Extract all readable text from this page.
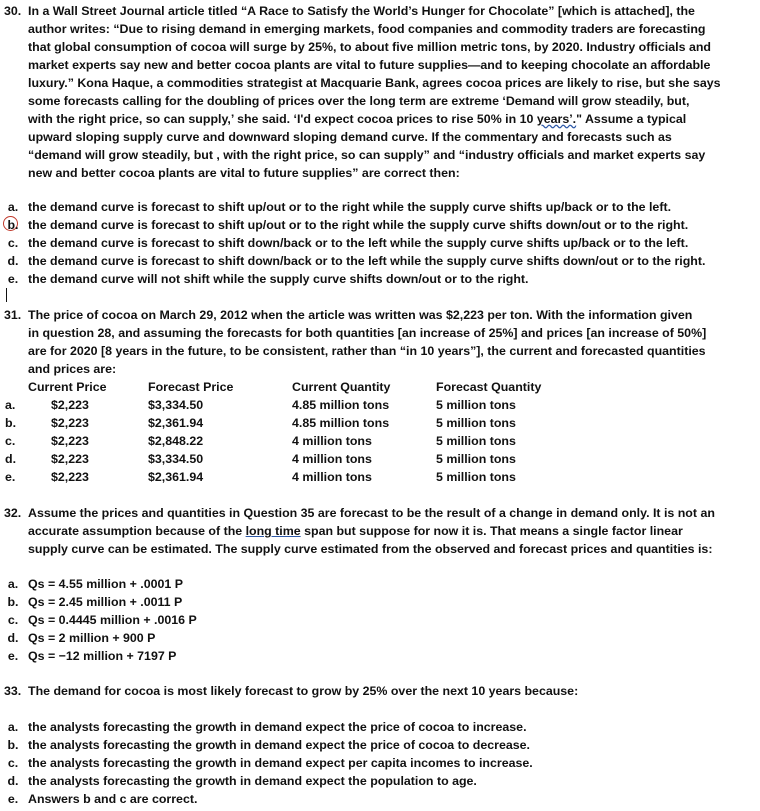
30. In a Wall Street Journal article titled “A Race to Satisfy the World’s Hunger for Chocolate” [which is attached], the
author writes: “Due to rising demand in emerging markets, food companies and commodity traders are forecasting
that global consumption of cocoa will surge by 25%, to about five million metric tons, by 2020. Industry officials and
market experts say new and better cocoa plants are vital to future supplies—and to keeping chocolate an affordable
luxury.” Kona Haque, a commodities strategist at Macquarie Bank, agrees cocoa prices are likely to rise, but she says
some forecasts calling for the doubling of prices over the long term are extreme ‘Demand will grow steadily, but,
with the right price, so can supply,’ she said. ‘I'd expect cocoa prices to rise 50% in 10 years’." Assume a typical
upward sloping supply curve and downward sloping demand curve. If the commentary and forecasts such as
“demand will grow steadily, but , with the right price, so can supply” and “industry officials and market experts say
new and better cocoa plants are vital to future supplies” are correct then:
a. the demand curve is forecast to shift up/out or to the right while the supply curve shifts up/back or to the left.
b. the demand curve is forecast to shift up/out or to the right while the supply curve shifts down/out or to the right.
c. the demand curve is forecast to shift down/back or to the left while the supply curve shifts up/back or to the left.
d. the demand curve is forecast to shift down/back or to the left while the supply curve shifts down/out or to the right.
e. the demand curve will not shift while the supply curve shifts down/out or to the right.
31. The price of cocoa on March 29, 2012 when the article was written was $2,223 per ton. With the information given
in question 28, and assuming the forecasts for both quantities [an increase of 25%] and prices [an increase of 50%]
are for 2020 [8 years in the future, to be consistent, rather than “in 10 years”], the current and forecasted quantities
and prices are:
Current Price	Forecast Price	Current Quantity	Forecast Quantity
a.	$2,223	$3,334.50	4.85 million tons	5 million tons
b.	$2,223	$2,361.94	4.85 million tons	5 million tons
c.	$2,223	$2,848.22	4 million tons	5 million tons
d.	$2,223	$3,334.50	4 million tons	5 million tons
e.	$2,223	$2,361.94	4 million tons	5 million tons
32. Assume the prices and quantities in Question 35 are forecast to be the result of a change in demand only. It is not an
accurate assumption because of the long time span but suppose for now it is. That means a single factor linear
supply curve can be estimated. The supply curve estimated from the observed and forecast prices and quantities is:
a. Qs = 4.55 million + .0001 P
b. Qs = 2.45 million + .0011 P
c. Qs = 0.4445 million + .0016 P
d. Qs = 2 million + 900 P
e. Qs = −12 million + 7197 P
33. The demand for cocoa is most likely forecast to grow by 25% over the next 10 years because:
a. the analysts forecasting the growth in demand expect the price of cocoa to increase.
b. the analysts forecasting the growth in demand expect the price of cocoa to decrease.
c. the analysts forecasting the growth in demand expect per capita incomes to increase.
d. the analysts forecasting the growth in demand expect the population to age.
e. Answers b and c are correct.
